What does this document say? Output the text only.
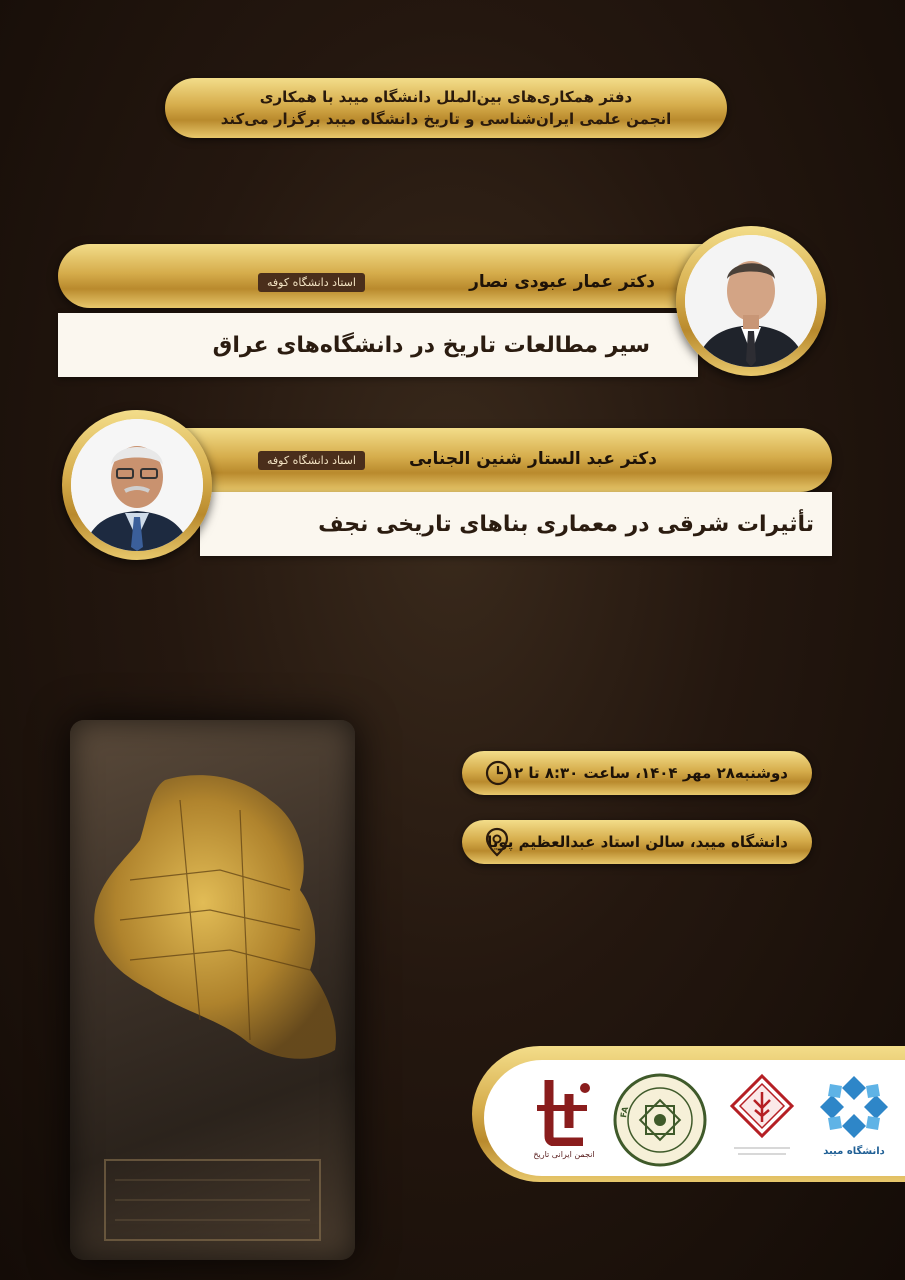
دفتر همکاری‌های بین‌الملل دانشگاه میبد با همکاری
انجمن علمی ایران‌شناسی و تاریخ دانشگاه میبد برگزار می‌کند
دکتر عمار عبودی نصار
استاد دانشگاه کوفه
سیر مطالعات تاریخ در دانشگاه‌های عراق
دکتر عبد الستار شنین الجنابی
استاد دانشگاه کوفه
تأثیرات شرقی در معماری بناهای تاریخی نجف
دوشنبه۲۸ مهر ۱۴۰۴، ساعت ۸:۳۰ تا ۱۲
دانشگاه میبد، سالن استاد عبدالعظیم پویا
دانشگاه میبد
FA
انجمن ایرانی تاریخ
